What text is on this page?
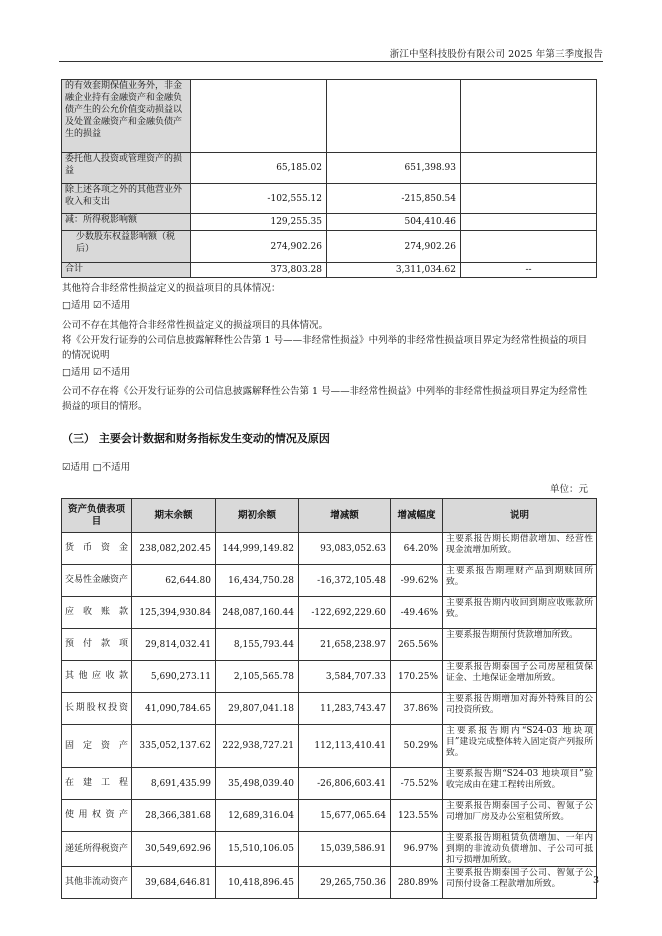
浙江中坚科技股份有限公司 2025 年第三季度报告
的有效套期保值业务外，非金融企业持有金融资产和金融负债产生的公允价值变动损益以及处置金融资产和金融负债产生的损益			
委托他人投资或管理资产的损益	65,185.02	651,398.93	
除上述各项之外的其他营业外收入和支出	-102,555.12	-215,850.54	
减：所得税影响额	129,255.35	504,410.46	
少数股东权益影响额（税后）	274,902.26	274,902.26	
合计	373,803.28	3,311,034.62	--
其他符合非经常性损益定义的损益项目的具体情况：
□适用 ☑不适用
公司不存在其他符合非经常性损益定义的损益项目的具体情况。
将《公开发行证券的公司信息披露解释性公告第 1 号——非经常性损益》中列举的非经常性损益项目界定为经常性损益的项目的情况说明
□适用 ☑不适用
公司不存在将《公开发行证券的公司信息披露解释性公告第 1 号——非经常性损益》中列举的非经常性损益项目界定为经常性损益的项目的情形。
（三） 主要会计数据和财务指标发生变动的情况及原因
☑适用 □不适用
单位：元
资产负债表项目	期末余额	期初余额	增减额	增减幅度	说明
货币资金	238,082,202.45	144,999,149.82	93,083,052.63	64.20%	主要系报告期长期借款增加、经营性现金流增加所致。
交易性金融资产	62,644.80	16,434,750.28	-16,372,105.48	-99.62%	主要系报告期理财产品到期赎回所致。
应收账款	125,394,930.84	248,087,160.44	-122,692,229.60	-49.46%	主要系报告期内收回到期应收账款所致。
预付款项	29,814,032.41	8,155,793.44	21,658,238.97	265.56%	主要系报告期预付货款增加所致。
其他应收款	5,690,273.11	2,105,565.78	3,584,707.33	170.25%	主要系报告期泰国子公司房屋租赁保证金、土地保证金增加所致。
长期股权投资	41,090,784.65	29,807,041.18	11,283,743.47	37.86%	主要系报告期增加对海外特殊目的公司投资所致。
固定资产	335,052,137.62	222,938,727.21	112,113,410.41	50.29%	主要系报告期内“S24-03 地块项目”建设完成整体转入固定资产列报所致。
在建工程	8,691,435.99	35,498,039.40	-26,806,603.41	-75.52%	主要系报告期“S24-03 地块项目”验收完成由在建工程转出所致。
使用权资产	28,366,381.68	12,689,316.04	15,677,065.64	123.55%	主要系报告期泰国子公司、智氪子公司增加厂房及办公室租赁所致。
递延所得税资产	30,549,692.96	15,510,106.05	15,039,586.91	96.97%	主要系报告期租赁负债增加、一年内到期的非流动负债增加、子公司可抵扣亏损增加所致。
其他非流动资产	39,684,646.81	10,418,896.45	29,265,750.36	280.89%	主要系报告期泰国子公司、智氪子公司预付设备工程款增加所致。	3
